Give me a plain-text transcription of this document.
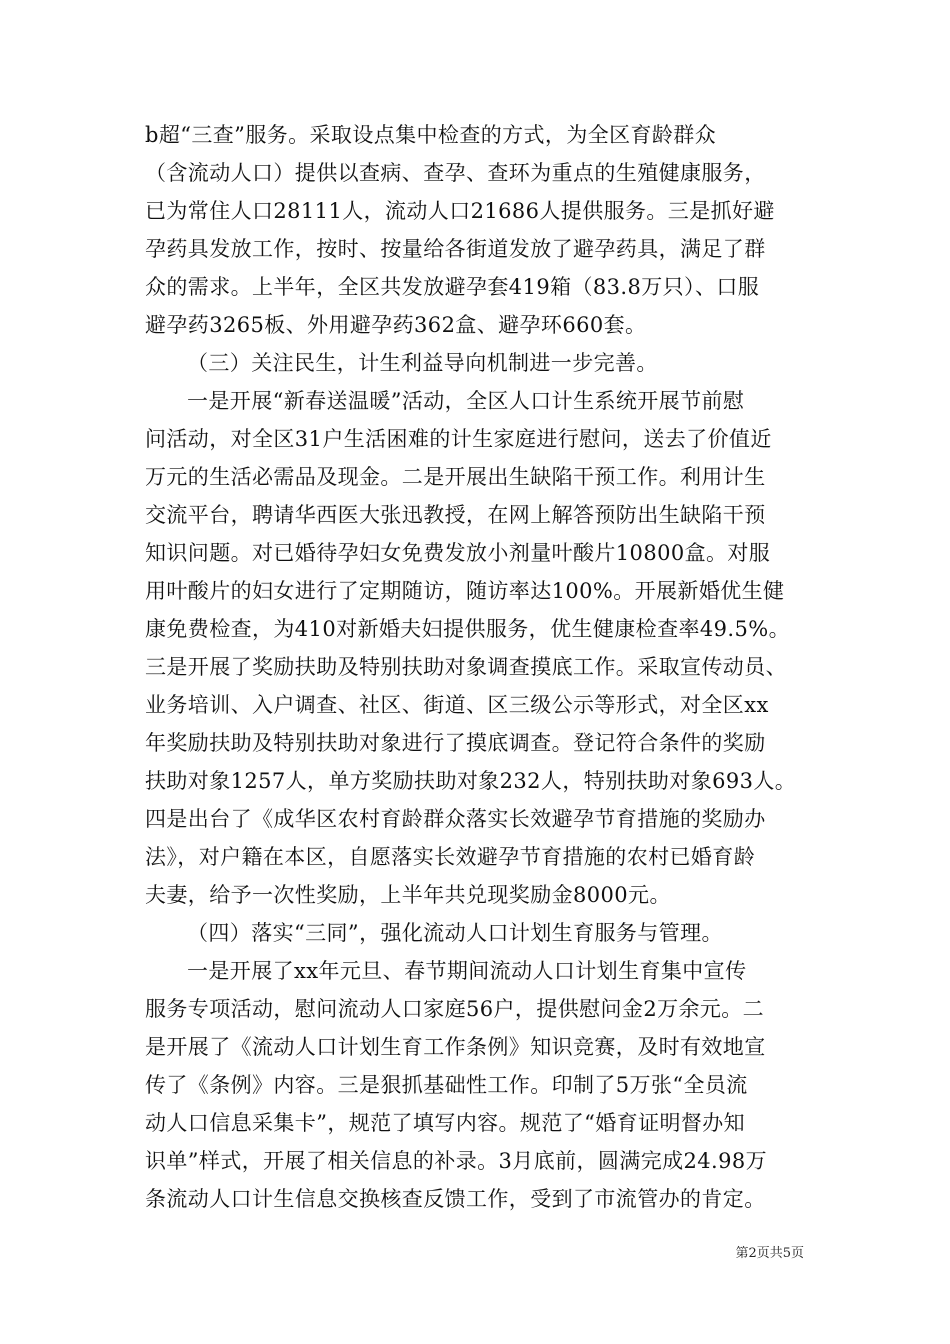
b超“三查”服务。采取设点集中检查的方式，为全区育龄群众
（含流动人口）提供以查病、查孕、查环为重点的生殖健康服务，
已为常住人口28111人，流动人口21686人提供服务。三是抓好避
孕药具发放工作，按时、按量给各街道发放了避孕药具，满足了群
众的需求。上半年，全区共发放避孕套419箱（83.8万只）、口服
避孕药3265板、外用避孕药362盒、避孕环660套。
（三）关注民生，计生利益导向机制进一步完善。
一是开展“新春送温暖”活动，全区人口计生系统开展节前慰
问活动，对全区31户生活困难的计生家庭进行慰问，送去了价值近
万元的生活必需品及现金。二是开展出生缺陷干预工作。利用计生
交流平台，聘请华西医大张迅教授，在网上解答预防出生缺陷干预
知识问题。对已婚待孕妇女免费发放小剂量叶酸片10800盒。对服
用叶酸片的妇女进行了定期随访，随访率达100%。开展新婚优生健
康免费检查，为410对新婚夫妇提供服务，优生健康检查率49.5%。
三是开展了奖励扶助及特别扶助对象调查摸底工作。采取宣传动员、
业务培训、入户调查、社区、街道、区三级公示等形式，对全区xx
年奖励扶助及特别扶助对象进行了摸底调查。登记符合条件的奖励
扶助对象1257人，单方奖励扶助对象232人，特别扶助对象693人。
四是出台了《成华区农村育龄群众落实长效避孕节育措施的奖励办
法》，对户籍在本区，自愿落实长效避孕节育措施的农村已婚育龄
夫妻，给予一次性奖励，上半年共兑现奖励金8000元。
（四）落实“三同”，强化流动人口计划生育服务与管理。
一是开展了xx年元旦、春节期间流动人口计划生育集中宣传
服务专项活动，慰问流动人口家庭56户，提供慰问金2万余元。二
是开展了《流动人口计划生育工作条例》知识竞赛，及时有效地宣
传了《条例》内容。三是狠抓基础性工作。印制了5万张“全员流
动人口信息采集卡”，规范了填写内容。规范了“婚育证明督办知
识单”样式，开展了相关信息的补录。3月底前，圆满完成24.98万
条流动人口计生信息交换核查反馈工作，受到了市流管办的肯定。
第2页共5页
